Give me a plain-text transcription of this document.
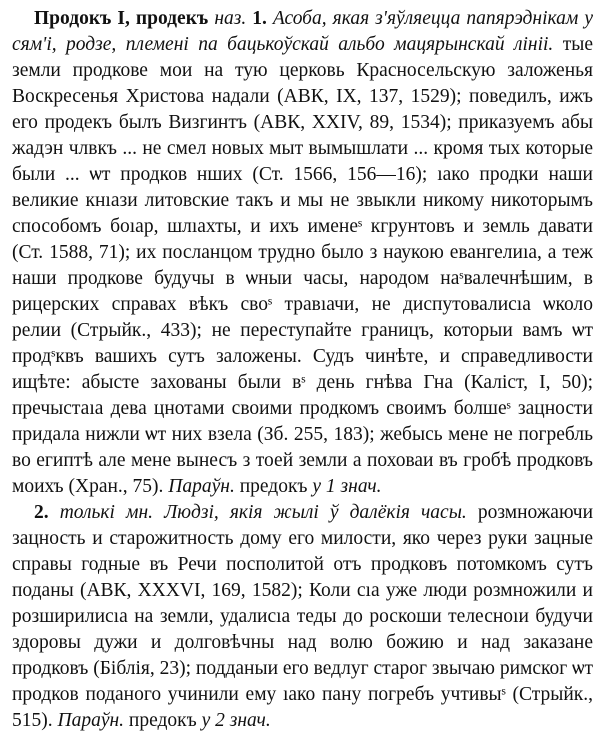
Продокъ I, продекъ наз. 1. Асоба, якая з'яўляецца папярэднікам у сям'і, родзе, племені па бацькоўскай альбо мацярынскай лініі. тые земли продкове мои на тую церковь Красносельскую заложенья Воскресенья Христова надали (АВК, IX, 137, 1529); поведилъ, ижъ его продекъ былъ Визгинтъ (АВК, XXIV, 89, 1534); приказуемъ абы жадэн члвкъ ... не смел новых мыт вымышлати ... кромя тых которые были ... ѡт продков нших (Ст. 1566, 156—16); ıако продки наши великие кнıази литовские такъ и мы не звыкли никому никоторымъ способомъ боıар, шлıахты, и ихъ именеˢ кгрунтовъ и земль давати (Ст. 1588, 71); их посланцом трудно было з наукою евангелиıа, а теж наши продкове будучы в ѡныи часы, народом наˢвалечнѣшим, в рицерских справах вѣкъ своˢ травıачи, не диспутовалисıа ѡколо релии (Стрыйк., 433); не переступайте границъ, которыи вамъ ѡт продˢквъ вашихъ сутъ заложены. Судъ чинѣте, и справедливости ищѣте: абысте захованы были вˢ день гнѣва Гна (Каліст, I, 50); пречыстаıа дева цнотами своими продкомъ своимъ болшеˢ зацности придала нижли ѡт них взела (Зб. 255, 183); жебысь мене не погребль во египтѣ але мене вынесъ з тоей земли а поховаи въ гробѣ продковъ моихъ (Хран., 75). Параўн. предокъ у 1 знач.

2. толькі мн. Людзі, якія жылі ў далёкія часы. розмножаючи зацность и старожитность дому его милости, яко через руки зацные справы годные въ Речи посполитой отъ продковъ потомкомъ сутъ поданы (АВК, XXXVI, 169, 1582); Коли сıа уже люди розмножили и розширилисıа на земли, удалисıа теды до роскоши телесноıи будучи здоровы дужи и долговѣчны над волю божию и над заказане продковъ (Біблія, 23); подданыи его ведлуг старог звычаю римског ѡт продков поданого учинили ему ıако пану погребъ учтивыˢ (Стрыйк., 515). Параўн. предокъ у 2 знач.
